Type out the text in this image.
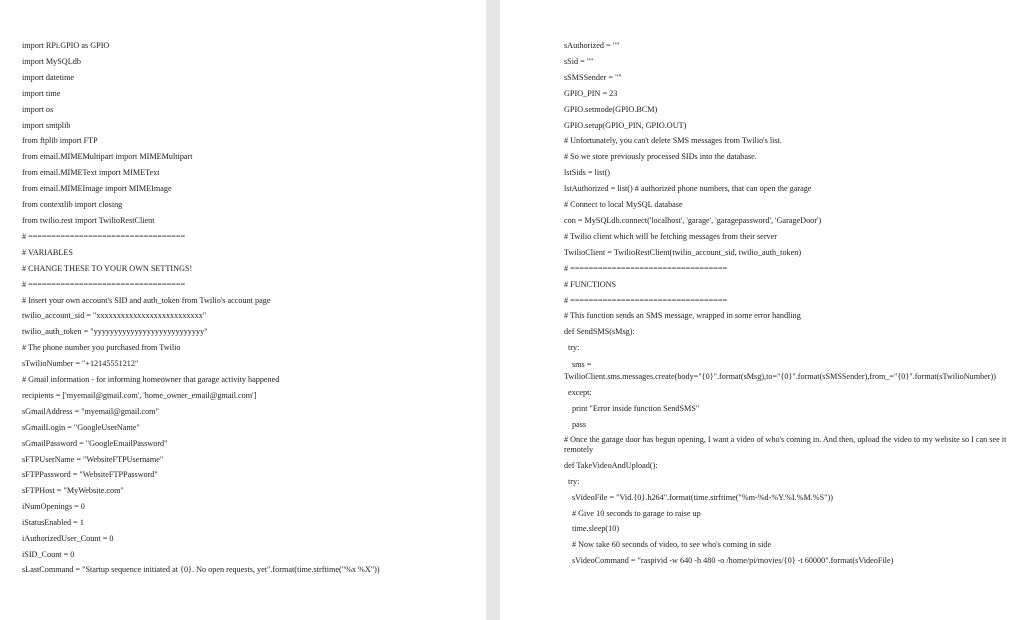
import RPi.GPIO as GPIO

import MySQLdb

import datetime

import time

import os

import smtplib

from ftplib import FTP

from email.MIMEMultipart import MIMEMultipart

from email.MIMEText import MIMEText

from email.MIMEImage import MIMEImage

from contextlib import closing

from twilio.rest import TwilioRestClient

# ==================================

# VARIABLES

# CHANGE THESE TO YOUR OWN SETTINGS!

# ==================================

# Insert your own account's SID and auth_token from Twilio's account page

twilio_account_sid = "xxxxxxxxxxxxxxxxxxxxxxxxxx"

twilio_auth_token = "yyyyyyyyyyyyyyyyyyyyyyyyyyy"

# The phone number you purchased from Twilio

sTwilioNumber = "+12145551212"

# Gmail information - for informing homeowner that garage activity happened

recipients = ['myemail@gmail.com', 'home_owner_email@gmail.com']

sGmailAddress = "myemail@gmail.com"

sGmailLogin = "GoogleUserName"

sGmailPassword = "GoogleEmailPassword"

sFTPUserName = "WebsiteFTPUsername"

sFTPPassword = "WebsiteFTPPassword"

sFTPHost = "MyWebsite.com"

iNumOpenings = 0

iStatusEnabled = 1

iAuthorizedUser_Count = 0

iSID_Count = 0

sLastCommand = "Startup sequence initiated at {0}. No open requests, yet".format(time.strftime("%x %X"))

sAuthorized = ""

sSid = ""

sSMSSender = ""

GPIO_PIN = 23

GPIO.setmode(GPIO.BCM)

GPIO.setup(GPIO_PIN, GPIO.OUT)

# Unfortunately, you can't delete SMS messages from Twilio's list.

# So we store previously processed SIDs into the database.

lstSids = list()

lstAuthorized = list() # authorized phone numbers, that can open the garage

# Connect to local MySQL database

con = MySQLdb.connect('localhost', 'garage', 'garagepassword', 'GarageDoor')

# Twilio client which will be fetching messages from their server

TwilioClient = TwilioRestClient(twilio_account_sid, twilio_auth_token)

# ==================================

# FUNCTIONS

# ==================================

# This function sends an SMS message, wrapped in some error handling

def SendSMS(sMsg):

try:

sms =

TwilioClient.sms.messages.create(body="{0}".format(sMsg),to="{0}".format(sSMSSender),from_="{0}".format(sTwilioNumber))

except:

print "Error inside function SendSMS"

pass

# Once the garage door has begun opening, I want a video of who's coming in. And then, upload the video to my website so I can see it remotely

def TakeVideoAndUpload():

try:

sVideoFile = "Vid.{0}.h264".format(time.strftime("%m-%d-%Y.%I.%M.%S"))

# Give 10 seconds to garage to raise up

time.sleep(10)

# Now take 60 seconds of video, to see who's coming in side

sVideoCommand = "raspivid -w 640 -h 480 -o /home/pi/movies/{0} -t 60000".format(sVideoFile)
